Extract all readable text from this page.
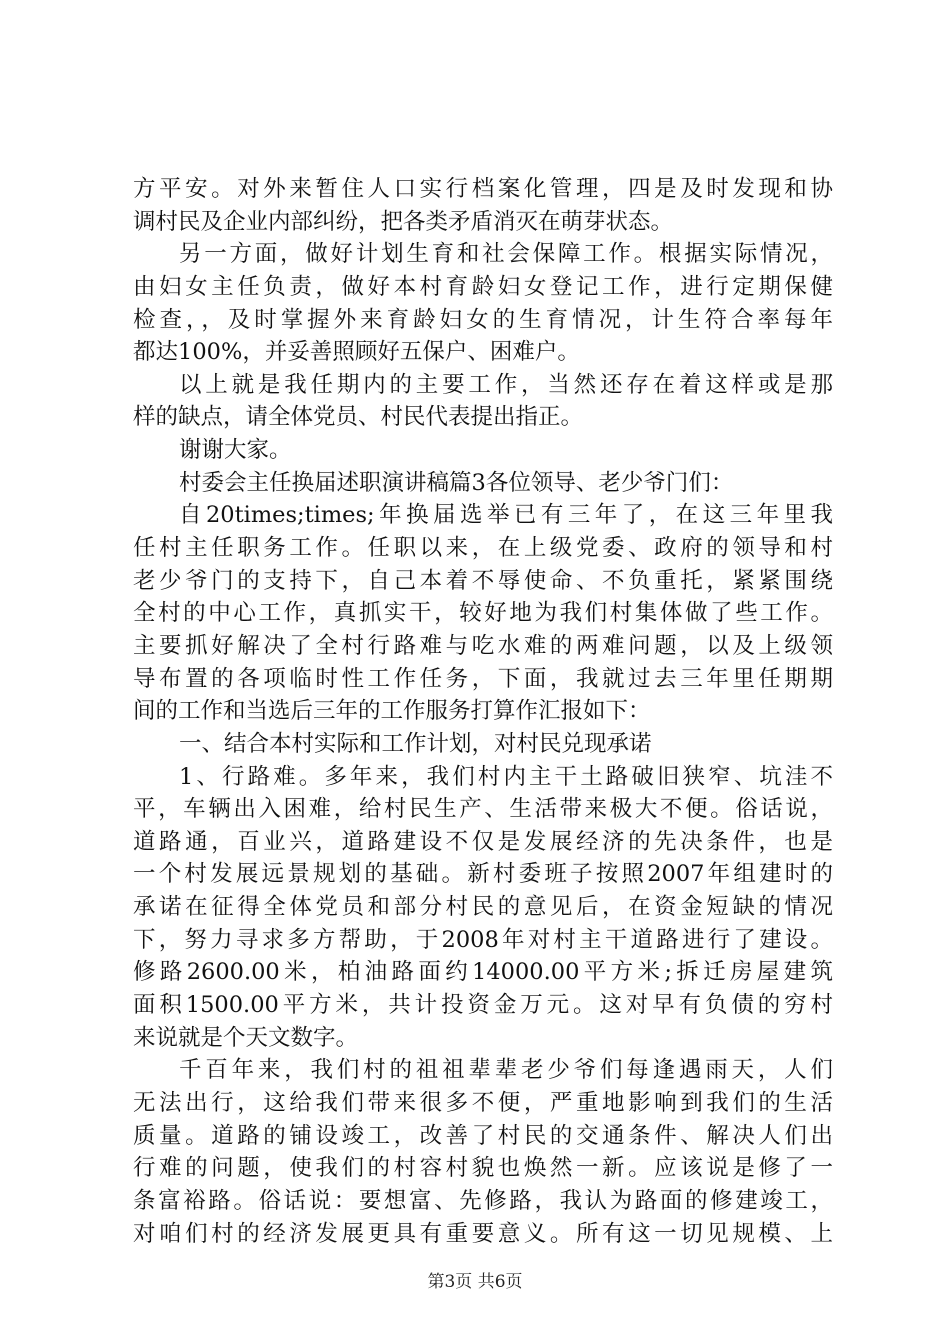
方平安。对外来暂住人口实行档案化管理，四是及时发现和协
调村民及企业内部纠纷，把各类矛盾消灭在萌芽状态。
另一方面，做好计划生育和社会保障工作。根据实际情况，
由妇女主任负责，做好本村育龄妇女登记工作，进行定期保健
检查，，及时掌握外来育龄妇女的生育情况，计生符合率每年
都达100%，并妥善照顾好五保户、困难户。
以上就是我任期内的主要工作，当然还存在着这样或是那
样的缺点，请全体党员、村民代表提出指正。
谢谢大家。
村委会主任换届述职演讲稿篇3各位领导、老少爷门们：
自20times;times;年换届选举已有三年了，在这三年里我
任村主任职务工作。任职以来，在上级党委、政府的领导和村
老少爷门的支持下，自己本着不辱使命、不负重托，紧紧围绕
全村的中心工作，真抓实干，较好地为我们村集体做了些工作。
主要抓好解决了全村行路难与吃水难的两难问题，以及上级领
导布置的各项临时性工作任务，下面，我就过去三年里任期期
间的工作和当选后三年的工作服务打算作汇报如下：
一、结合本村实际和工作计划，对村民兑现承诺
1、行路难。多年来，我们村内主干土路破旧狭窄、坑洼不
平，车辆出入困难，给村民生产、生活带来极大不便。俗话说，
道路通，百业兴，道路建设不仅是发展经济的先决条件，也是
一个村发展远景规划的基础。新村委班子按照2007年组建时的
承诺在征得全体党员和部分村民的意见后，在资金短缺的情况
下，努力寻求多方帮助，于2008年对村主干道路进行了建设。
修路2600.00米，柏油路面约14000.00平方米;拆迁房屋建筑
面积1500.00平方米，共计投资金万元。这对早有负债的穷村
来说就是个天文数字。
千百年来，我们村的祖祖辈辈老少爷们每逢遇雨天，人们
无法出行，这给我们带来很多不便，严重地影响到我们的生活
质量。道路的铺设竣工，改善了村民的交通条件、解决人们出
行难的问题，使我们的村容村貌也焕然一新。应该说是修了一
条富裕路。俗话说：要想富、先修路，我认为路面的修建竣工，
对咱们村的经济发展更具有重要意义。所有这一切见规模、上
第3页 共6页
